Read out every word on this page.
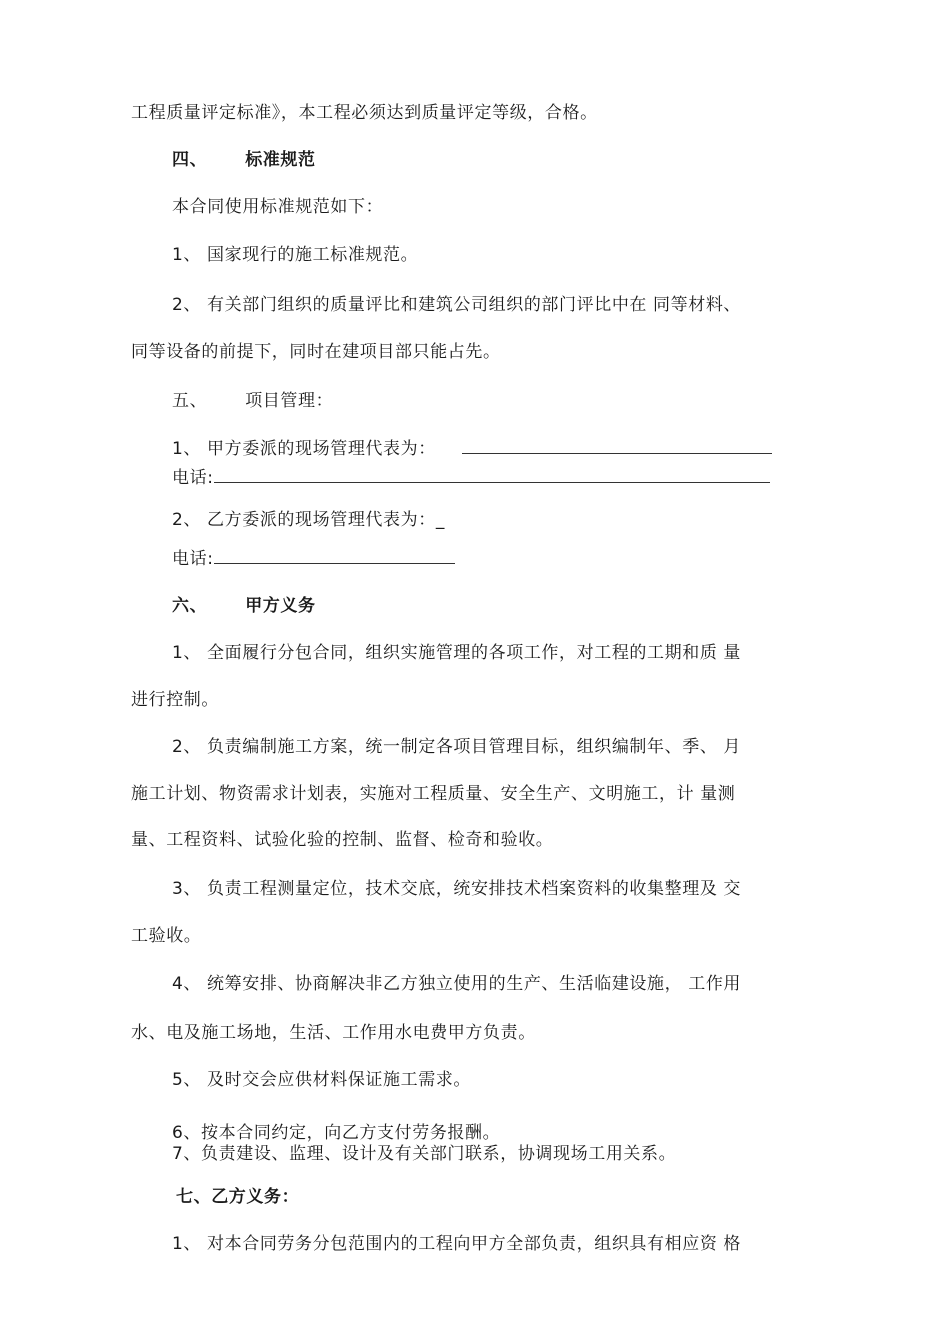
工程质量评定标准》，本工程必须达到质量评定等级，合格。

四、 标准规范

本合同使用标准规范如下：

1、 国家现行的施工标准规范。

2、 有关部门组织的质量评比和建筑公司组织的部门评比中在 同等材料、

同等设备的前提下，同时在建项目部只能占先。

五、 项目管理：

1、 甲方委派的现场管理代表为：

电话:

2、 乙方委派的现场管理代表为：_

电话:

六、 甲方义务

1、 全面履行分包合同，组织实施管理的各项工作，对工程的工期和质 量

进行控制。

2、 负责编制施工方案，统一制定各项目管理目标，组织编制年、季、 月

施工计划、物资需求计划表，实施对工程质量、安全生产、文明施工，计 量测

量、工程资料、试验化验的控制、监督、检奇和验收。

3、 负责工程测量定位，技术交底，统安排技术档案资料的收集整理及 交

工验收。

4、 统筹安排、协商解决非乙方独立使用的生产、生活临建设施， 工作用

水、电及施工场地，生活、工作用水电费甲方负责。

5、 及时交会应供材料保证施工需求。

6、按本合同约定，向乙方支付劳务报酬。

7、负责建设、监理、设计及有关部门联系，协调现场工用关系。

七、乙方义务：

1、 对本合同劳务分包范围内的工程向甲方全部负责，组织具有相应资 格
